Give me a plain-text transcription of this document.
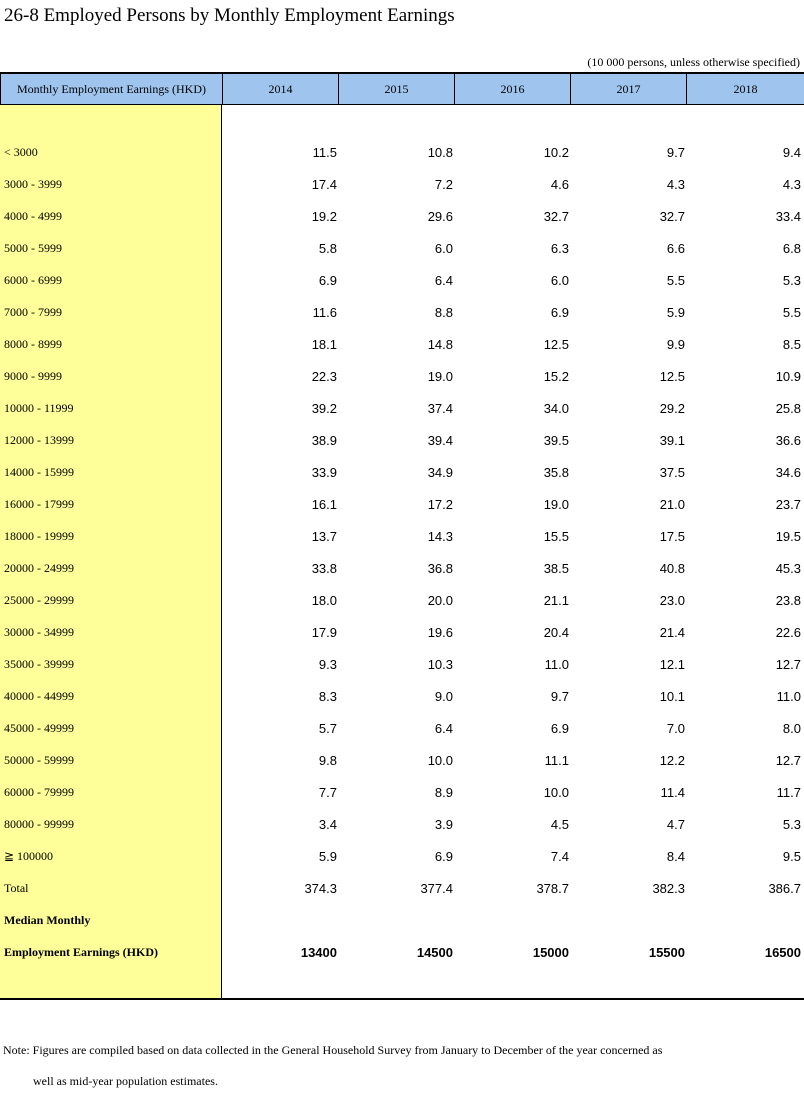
26-8 Employed Persons by Monthly Employment Earnings
(10 000 persons, unless otherwise specified)
Monthly Employment Earnings (HKD)	2014	2015	2016	2017	2018
< 3000	11.5	10.8	10.2	9.7	9.4
3000 - 3999	17.4	7.2	4.6	4.3	4.3
4000 - 4999	19.2	29.6	32.7	32.7	33.4
5000 - 5999	5.8	6.0	6.3	6.6	6.8
6000 - 6999	6.9	6.4	6.0	5.5	5.3
7000 - 7999	11.6	8.8	6.9	5.9	5.5
8000 - 8999	18.1	14.8	12.5	9.9	8.5
9000 - 9999	22.3	19.0	15.2	12.5	10.9
10000 - 11999	39.2	37.4	34.0	29.2	25.8
12000 - 13999	38.9	39.4	39.5	39.1	36.6
14000 - 15999	33.9	34.9	35.8	37.5	34.6
16000 - 17999	16.1	17.2	19.0	21.0	23.7
18000 - 19999	13.7	14.3	15.5	17.5	19.5
20000 - 24999	33.8	36.8	38.5	40.8	45.3
25000 - 29999	18.0	20.0	21.1	23.0	23.8
30000 - 34999	17.9	19.6	20.4	21.4	22.6
35000 - 39999	9.3	10.3	11.0	12.1	12.7
40000 - 44999	8.3	9.0	9.7	10.1	11.0
45000 - 49999	5.7	6.4	6.9	7.0	8.0
50000 - 59999	9.8	10.0	11.1	12.2	12.7
60000 - 79999	7.7	8.9	10.0	11.4	11.7
80000 - 99999	3.4	3.9	4.5	4.7	5.3
≧ 100000	5.9	6.9	7.4	8.4	9.5
Total	374.3	377.4	378.7	382.3	386.7
Median Monthly
Employment Earnings (HKD)	13400	14500	15000	15500	16500
Note: Figures are compiled based on data collected in the General Household Survey from January to December of the year concerned as
well as mid-year population estimates.
